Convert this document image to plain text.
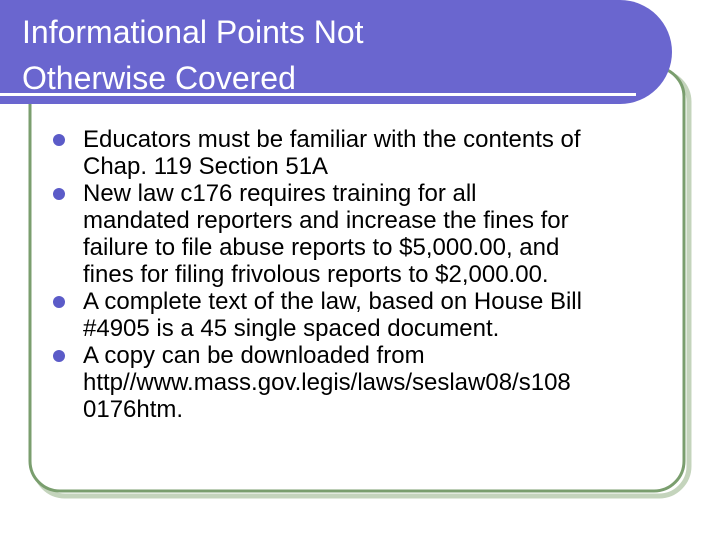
Informational Points Not
Otherwise Covered
Educators must be familiar with the contents of
Chap. 119 Section 51A
New law c176 requires training for all
mandated reporters and increase the fines for
failure to file abuse reports to $5,000.00, and
fines for filing frivolous reports to $2,000.00.
A complete text of the law, based on House Bill
#4905 is a 45 single spaced document.
A copy can be downloaded from
http//www.mass.gov.legis/laws/seslaw08/s108
0176htm.
